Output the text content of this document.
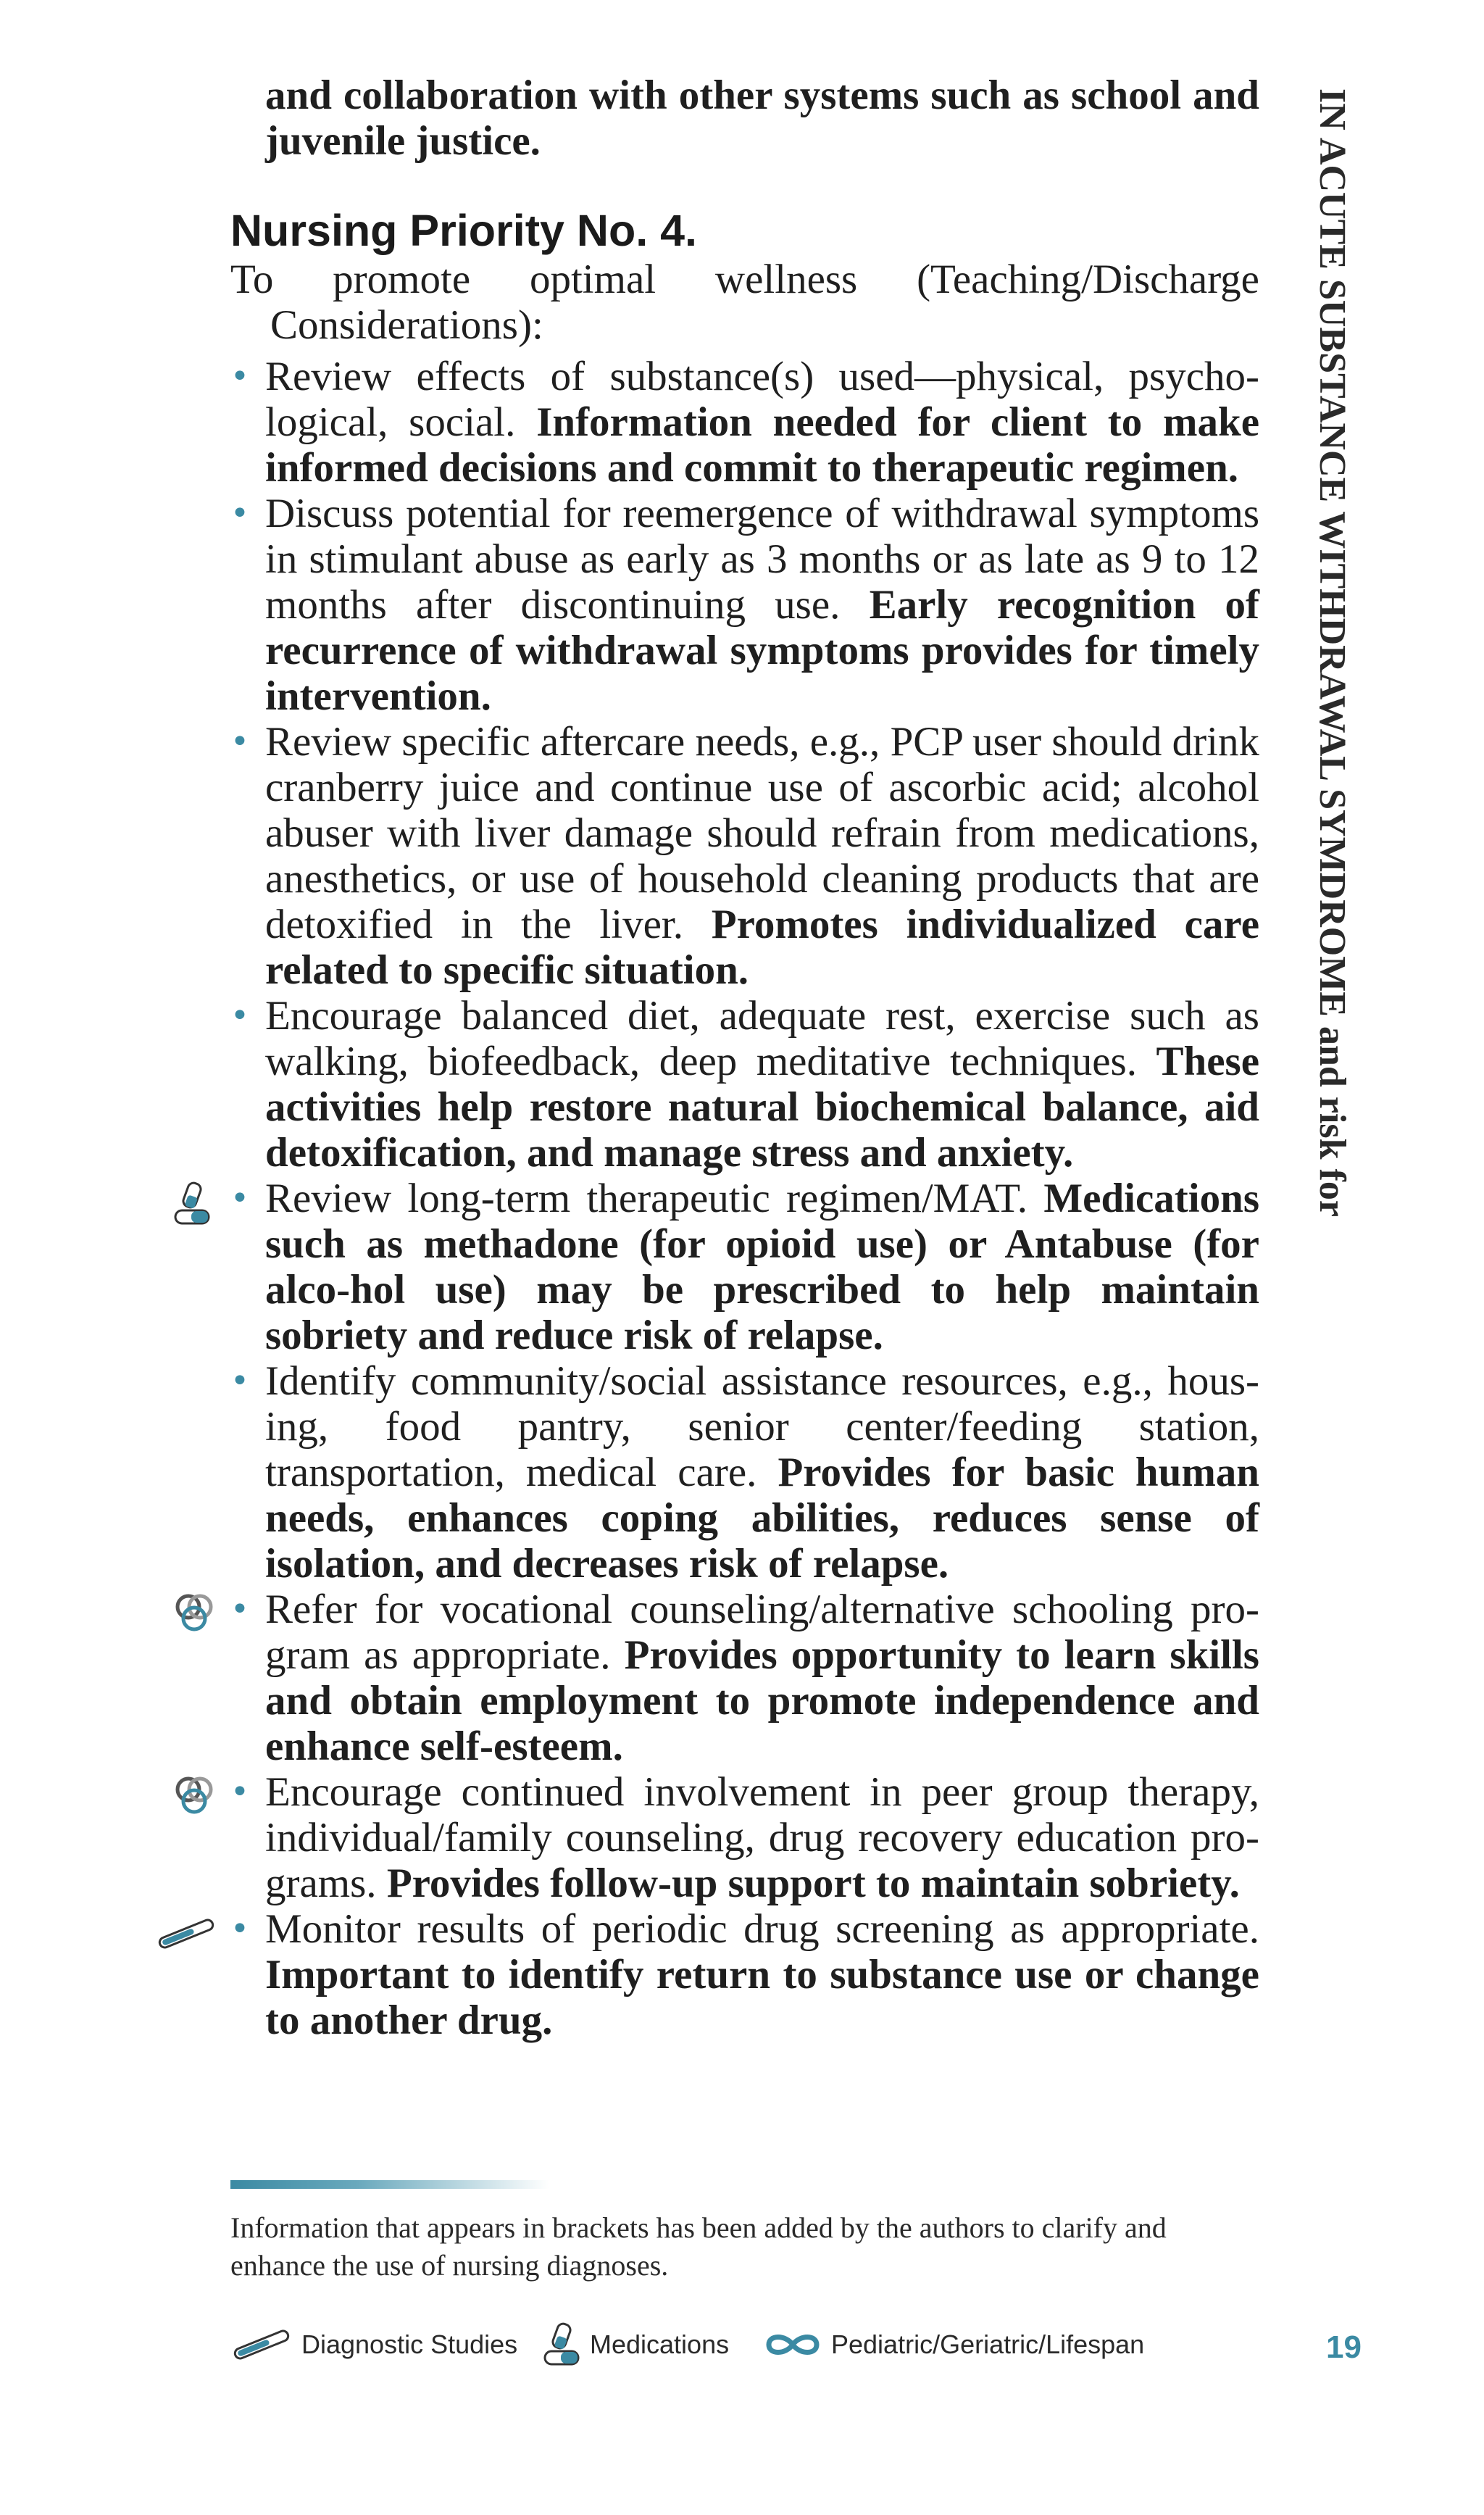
and collaboration with other systems such as school and juvenile justice.
Nursing Priority No. 4.
To promote optimal wellness (Teaching/Discharge
Considerations):
• Review effects of substance(s) used—physical, psycho-logical, social. Information needed for client to make informed decisions and commit to therapeutic regimen.
• Discuss potential for reemergence of withdrawal symptoms in stimulant abuse as early as 3 months or as late as 9 to 12 months after discontinuing use. Early recognition of recurrence of withdrawal symptoms provides for timely intervention.
• Review specific aftercare needs, e.g., PCP user should drink cranberry juice and continue use of ascorbic acid; alcohol abuser with liver damage should refrain from medications, anesthetics, or use of household cleaning products that are detoxified in the liver. Promotes individualized care related to specific situation.
• Encourage balanced diet, adequate rest, exercise such as walking, biofeedback, deep meditative techniques. These activities help restore natural biochemical balance, aid detoxification, and manage stress and anxiety.
• Review long-term therapeutic regimen/MAT. Medications such as methadone (for opioid use) or Antabuse (for alco-hol use) may be prescribed to help maintain sobriety and reduce risk of relapse.
• Identify community/social assistance resources, e.g., hous-ing, food pantry, senior center/feeding station, transportation, medical care. Provides for basic human needs, enhances coping abilities, reduces sense of isolation, and decreases risk of relapse.
• Refer for vocational counseling/alternative schooling pro-gram as appropriate. Provides opportunity to learn skills and obtain employment to promote independence and enhance self-esteem.
• Encourage continued involvement in peer group therapy, individual/family counseling, drug recovery education pro-grams. Provides follow-up support to maintain sobriety.
• Monitor results of periodic drug screening as appropriate. Important to identify return to substance use or change to another drug.
IN ACUTE SUBSTANCE WITHDRAWAL SYMDROME and risk for
Information that appears in brackets has been added by the authors to clarify and enhance the use of nursing diagnoses.
Diagnostic Studies	Medications	Pediatric/Geriatric/Lifespan	19
